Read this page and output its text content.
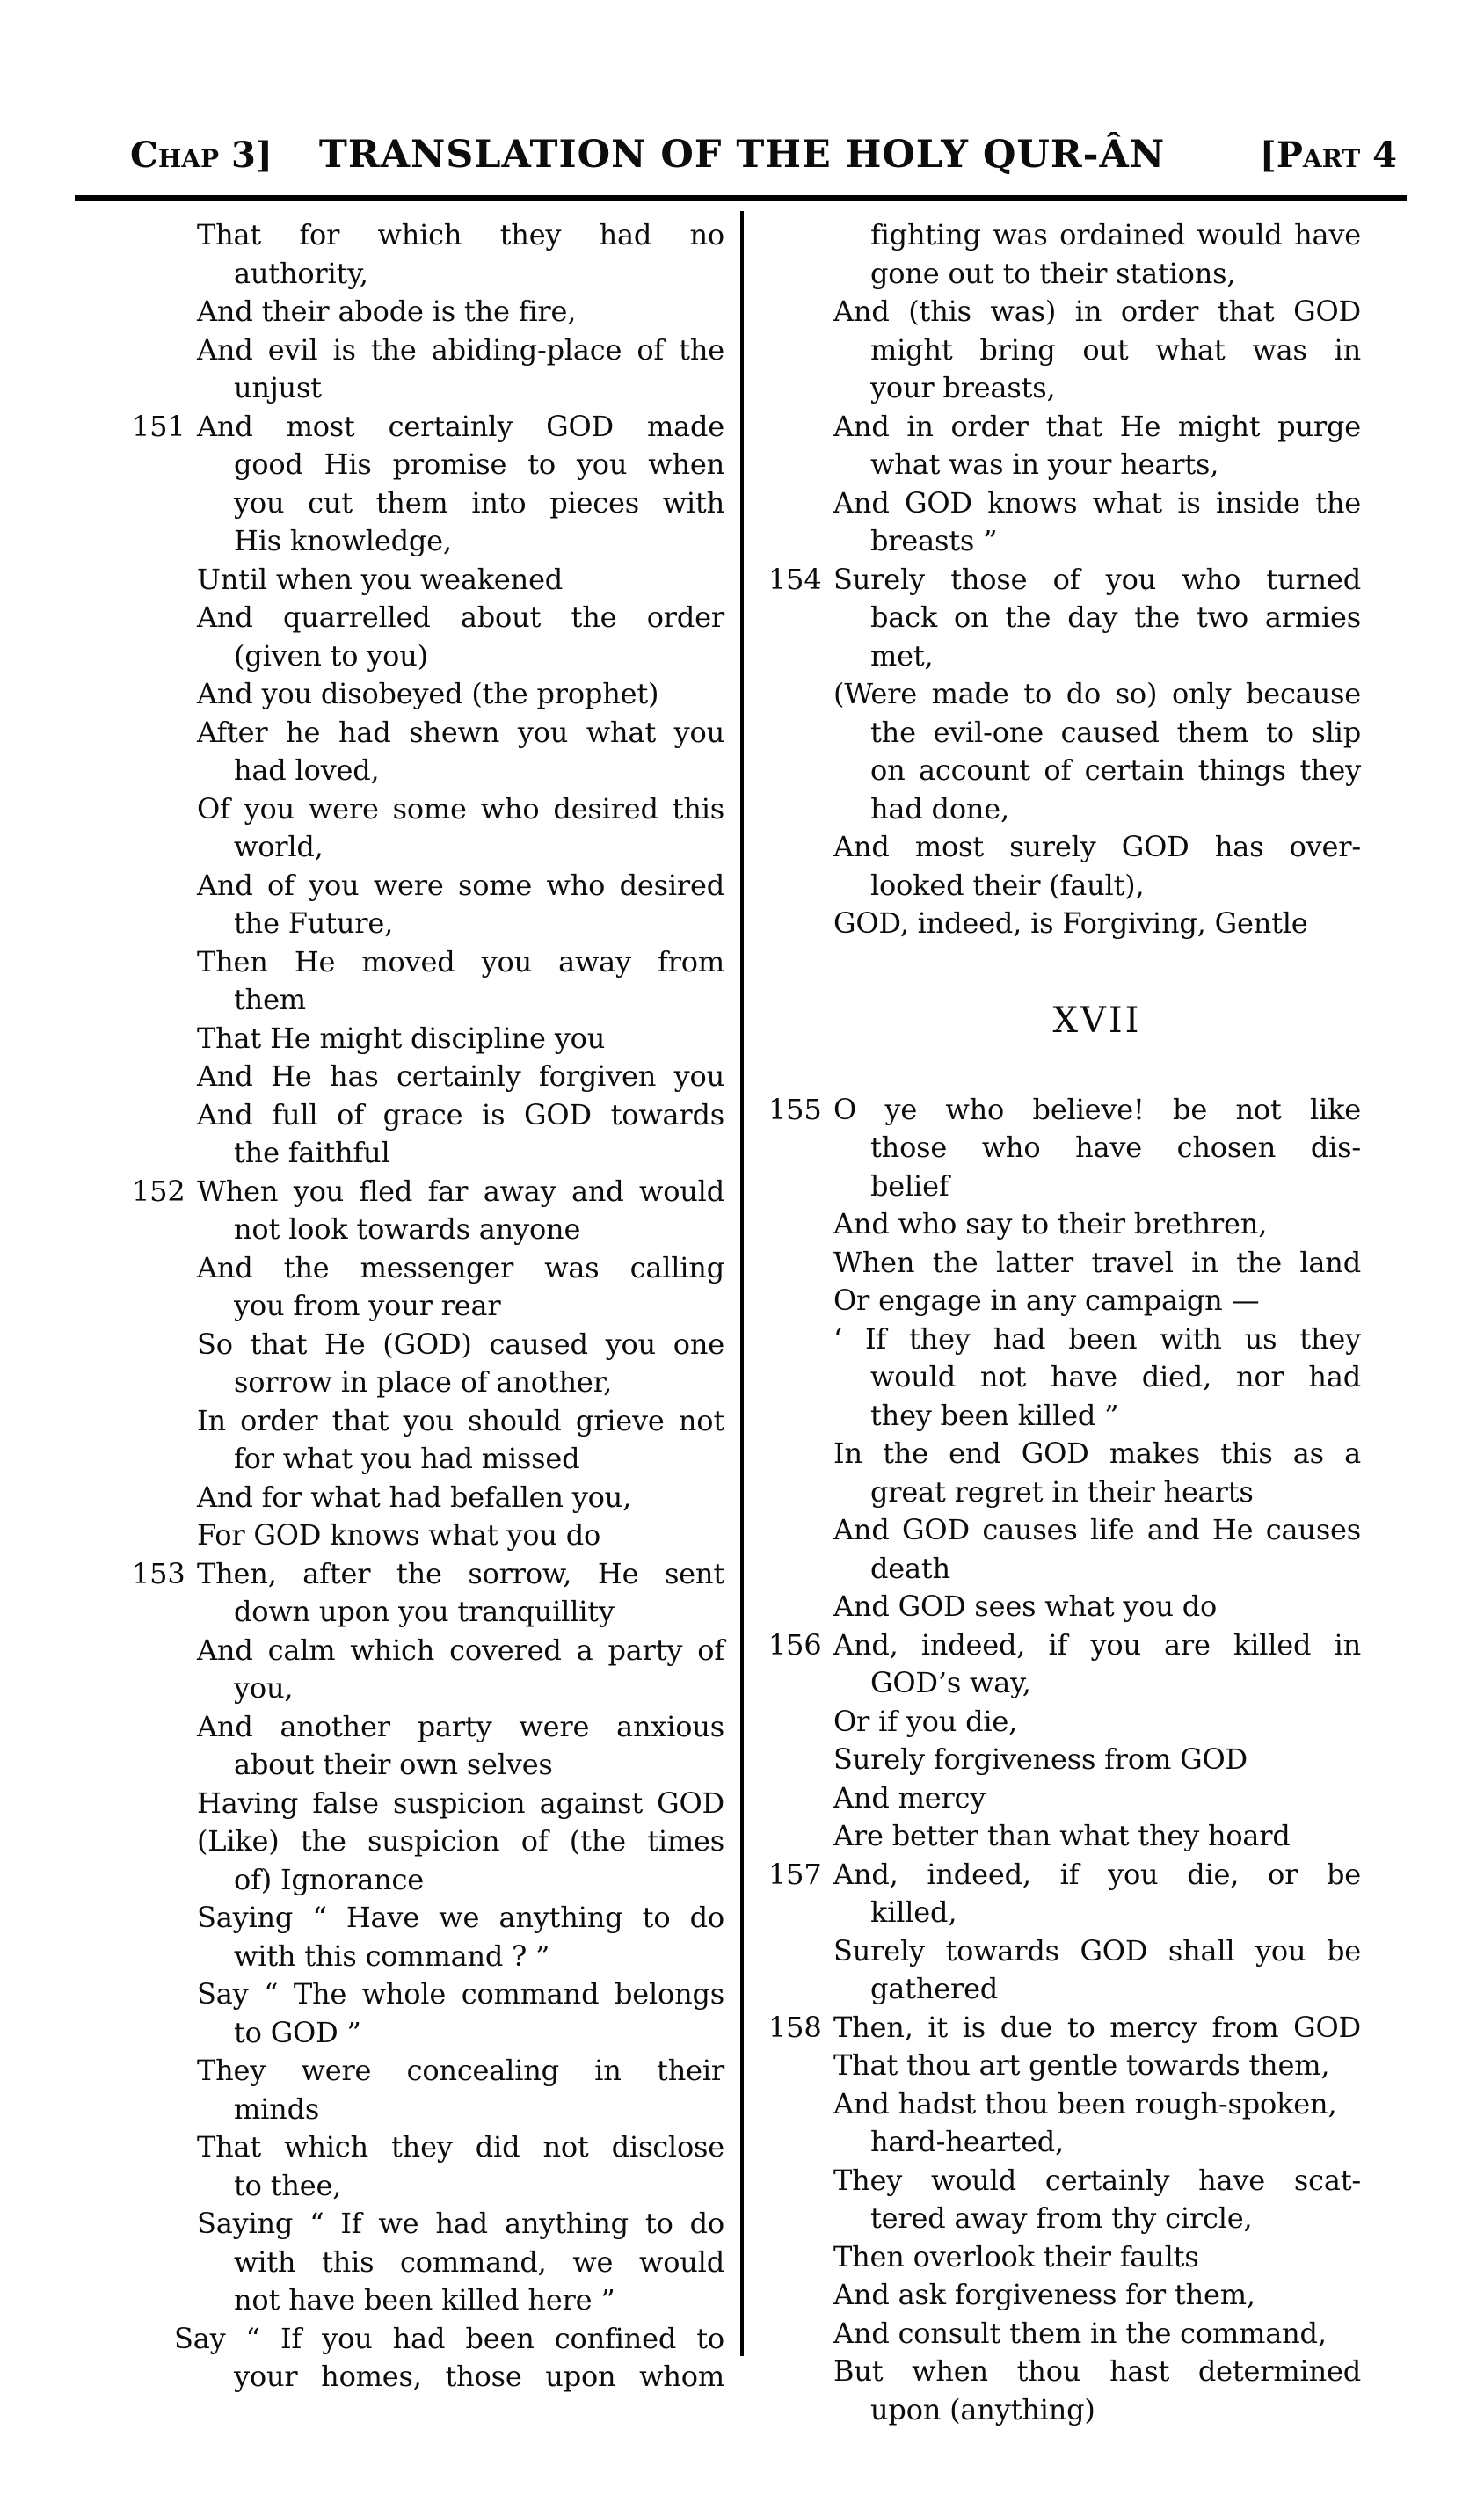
Chap 3]	TRANSLATION OF THE HOLY QUR-ÂN	[Part 4
That for which they had no
authority,
And their abode is the fire,
And evil is the abiding-place of the
unjust
151 And most certainly GOD made
good His promise to you when
you cut them into pieces with
His knowledge,
Until when you weakened
And quarrelled about the order
(given to you)
And you disobeyed (the prophet)
After he had shewn you what you
had loved,
Of you were some who desired this
world,
And of you were some who desired
the Future,
Then He moved you away from
them
That He might discipline you
And He has certainly forgiven you
And full of grace is GOD towards
the faithful
152 When you fled far away and would
not look towards anyone
And the messenger was calling
you from your rear
So that He (GOD) caused you one
sorrow in place of another,
In order that you should grieve not
for what you had missed
And for what had befallen you,
For GOD knows what you do
153 Then, after the sorrow, He sent
down upon you tranquillity
And calm which covered a party of
you,
And another party were anxious
about their own selves
Having false suspicion against GOD
(Like) the suspicion of (the times
of) Ignorance
Saying “ Have we anything to do
with this command ? ”
Say “ The whole command belongs
to GOD ”
They were concealing in their
minds
That which they did not disclose
to thee,
Saying “ If we had anything to do
with this command, we would
not have been killed here ”
Say “ If you had been confined to
your homes, those upon whom
fighting was ordained would have
gone out to their stations,
And (this was) in order that GOD
might bring out what was in
your breasts,
And in order that He might purge
what was in your hearts,
And GOD knows what is inside the
breasts ”
154 Surely those of you who turned
back on the day the two armies
met,
(Were made to do so) only because
the evil-one caused them to slip
on account of certain things they
had done,
And most surely GOD has over-
looked their (fault),
GOD, indeed, is Forgiving, Gentle
XVII
155 O ye who believe! be not like
those who have chosen dis-
belief
And who say to their brethren,
When the latter travel in the land
Or engage in any campaign —
‘ If they had been with us they
would not have died, nor had
they been killed ”
In the end GOD makes this as a
great regret in their hearts
And GOD causes life and He causes
death
And GOD sees what you do
156 And, indeed, if you are killed in
GOD’s way,
Or if you die,
Surely forgiveness from GOD
And mercy
Are better than what they hoard
157 And, indeed, if you die, or be
killed,
Surely towards GOD shall you be
gathered
158 Then, it is due to mercy from GOD
That thou art gentle towards them,
And hadst thou been rough-spoken,
hard-hearted,
They would certainly have scat-
tered away from thy circle,
Then overlook their faults
And ask forgiveness for them,
And consult them in the command,
But when thou hast determined
upon (anything)
